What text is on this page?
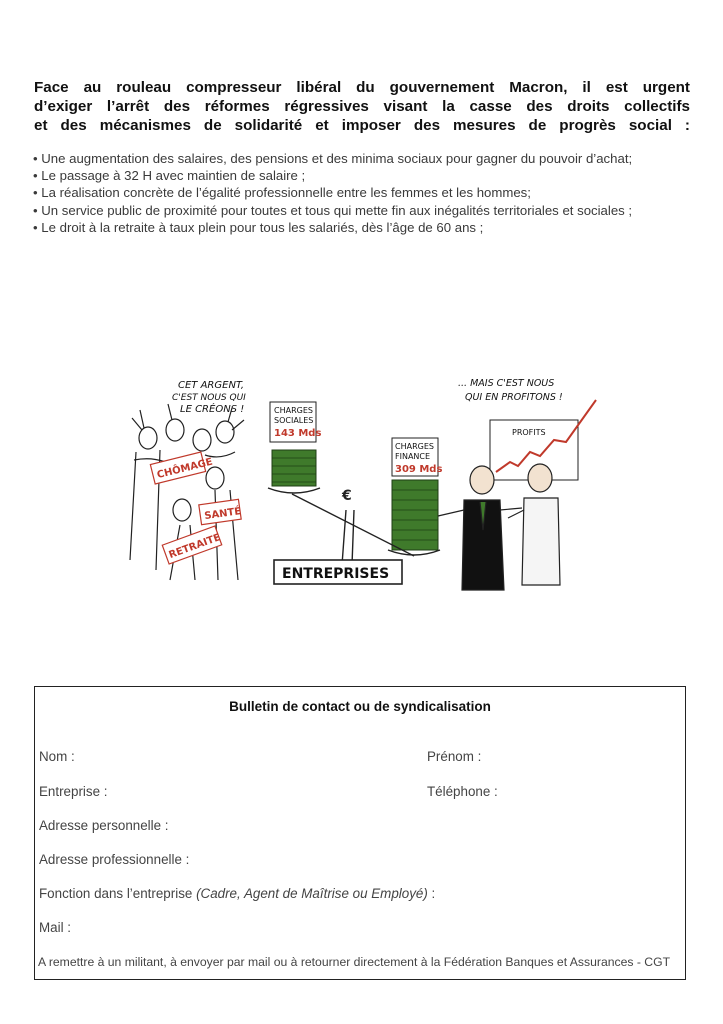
Face au rouleau compresseur libéral du gouvernement Macron, il est urgent
d’exiger l’arrêt des réformes régressives visant la casse des droits collectifs
et des mécanismes de solidarité et imposer des mesures de progrès social :
• Une augmentation des salaires, des pensions et des minima sociaux pour gagner du pouvoir d’achat;
• Le passage à 32 H avec maintien de salaire ;
• La réalisation concrète de l’égalité professionnelle entre les femmes et les hommes;
• Un service public de proximité pour toutes et tous qui mette fin aux inégalités territoriales et sociales ;
• Le droit à la retraite à taux plein pour tous les salariés, dès l’âge de 60 ans ;
CET ARGENT,
C'EST NOUS QUI
LE CRÉONS !
... MAIS C'EST NOUS
QUI EN PROFITONS !
CHÔMAGE
SANTÉ
RETRAITE
CHARGES
SOCIALES
143 Mds
CHARGES
FINANCE
309 Mds
€
ENTREPRISES
PROFITS
Bulletin de contact ou de syndicalisation
Nom :	Prénom :
Entreprise :	Téléphone :
Adresse personnelle :
Adresse professionnelle :
Fonction dans l’entreprise (Cadre, Agent de Maîtrise ou Employé) :
Mail :
A remettre à un militant, à envoyer par mail ou à retourner directement à la Fédération Banques et Assurances - CGT
